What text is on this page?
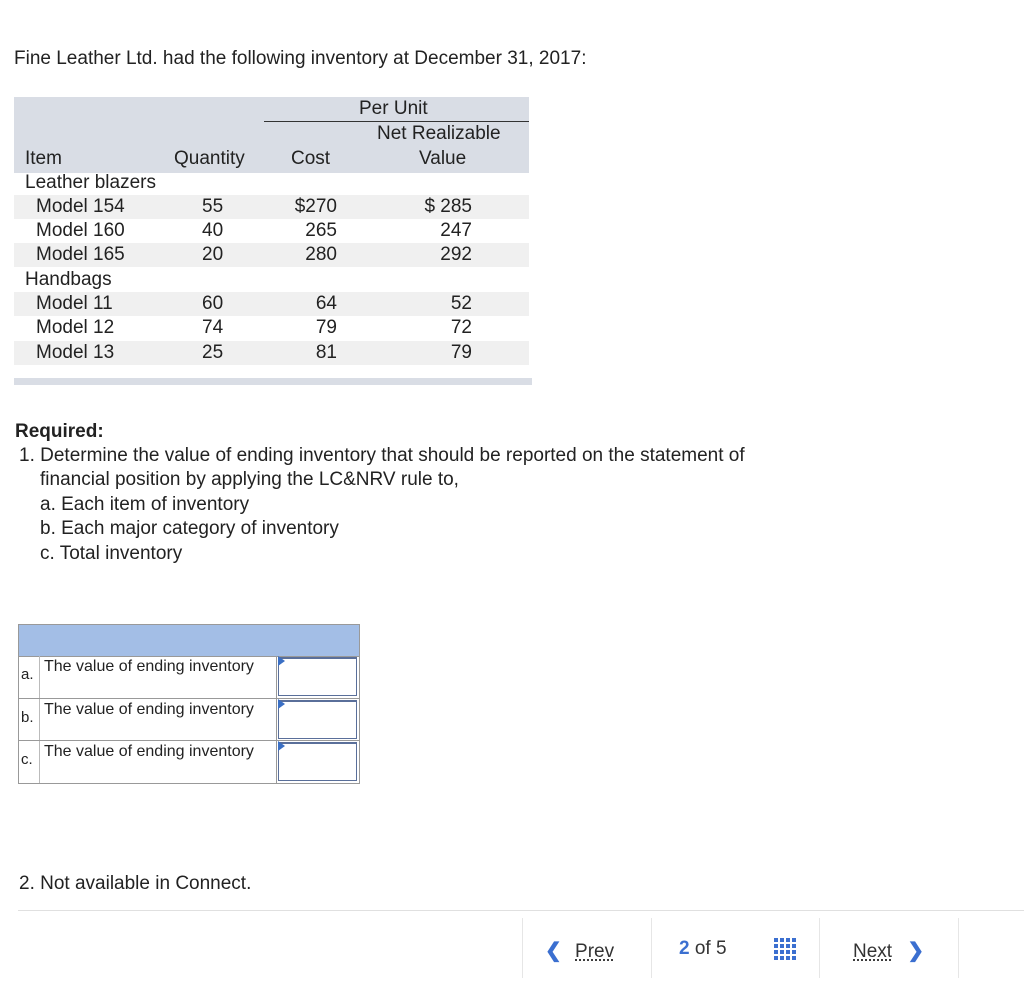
Fine Leather Ltd. had the following inventory at December 31, 2017:
Per Unit
Net Realizable
Value
Item	Quantity Cost
Leather blazers
Model 154	55	$270	$ 285
Model 160	40	265	247
Model 165	20	280	292
Handbags
Model 11	60	64	52
Model 12	74	79	72
Model 13	25	81	79
Required:
1. Determine the value of ending inventory that should be reported on the statement of
financial position by applying the LC&NRV rule to,
a. Each item of inventory
b. Each major category of inventory
c. Total inventory
a. The value of ending inventory
b. The value of ending inventory
c. The value of ending inventory
2. Not available in Connect.
❮ Prev	2 of 5	Next ❯
